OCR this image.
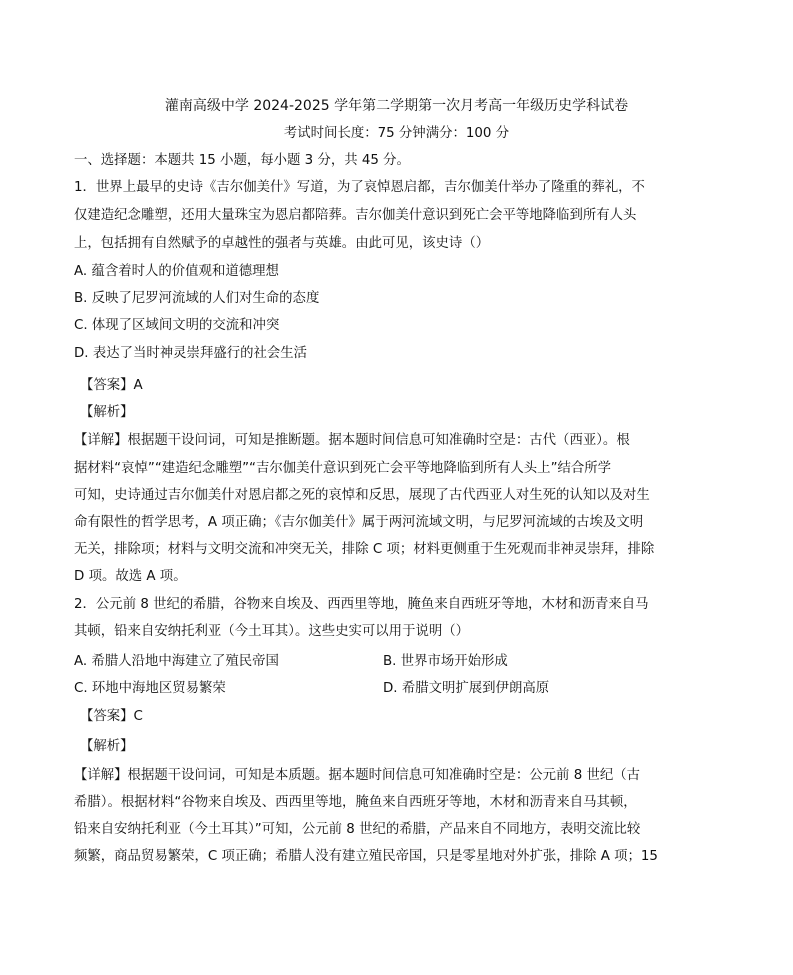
灌南高级中学 2024-2025 学年第二学期第一次月考高一年级历史学科试卷
考试时间长度：75 分钟满分：100 分
一、选择题：本题共 15 小题，每小题 3 分，共 45 分。
1．世界上最早的史诗《吉尔伽美什》写道，为了哀悼恩启都，吉尔伽美什举办了隆重的葬礼，不
仅建造纪念雕塑，还用大量珠宝为恩启都陪葬。吉尔伽美什意识到死亡会平等地降临到所有人头
上，包括拥有自然赋予的卓越性的强者与英雄。由此可见，该史诗（）
A. 蕴含着时人的价值观和道德理想
B. 反映了尼罗河流域的人们对生命的态度
C. 体现了区域间文明的交流和冲突
D. 表达了当时神灵崇拜盛行的社会生活
【答案】A
【解析】
【详解】根据题干设问词，可知是推断题。据本题时间信息可知准确时空是：古代（西亚）。根
据材料“哀悼”“建造纪念雕塑”“吉尔伽美什意识到死亡会平等地降临到所有人头上”结合所学
可知，史诗通过吉尔伽美什对恩启都之死的哀悼和反思，展现了古代西亚人对生死的认知以及对生
命有限性的哲学思考，A 项正确；《吉尔伽美什》属于两河流域文明，与尼罗河流域的古埃及文明
无关，排除项；材料与文明交流和冲突无关，排除 C 项；材料更侧重于生死观而非神灵崇拜，排除
D 项。故选 A 项。
2．公元前 8 世纪的希腊，谷物来自埃及、西西里等地，腌鱼来自西班牙等地，木材和沥青来自马
其顿，铅来自安纳托利亚（今土耳其）。这些史实可以用于说明（）
A. 希腊人沿地中海建立了殖民帝国	B. 世界市场开始形成
C. 环地中海地区贸易繁荣	D. 希腊文明扩展到伊朗高原
【答案】C
【解析】
【详解】根据题干设问词，可知是本质题。据本题时间信息可知准确时空是：公元前 8 世纪（古
希腊）。根据材料“谷物来自埃及、西西里等地，腌鱼来自西班牙等地，木材和沥青来自马其顿，
铅来自安纳托利亚（今土耳其）”可知，公元前 8 世纪的希腊，产品来自不同地方，表明交流比较
频繁，商品贸易繁荣，C 项正确；希腊人没有建立殖民帝国，只是零星地对外扩张，排除 A 项；15
